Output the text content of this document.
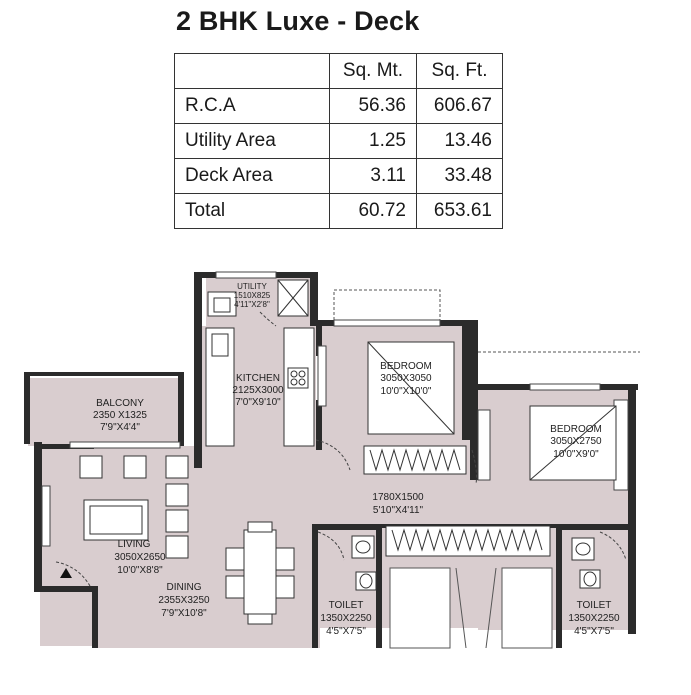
2 BHK Luxe - Deck
	Sq. Mt.	Sq. Ft.
R.C.A	56.36	606.67
Utility Area	1.25	13.46
Deck Area	3.11	33.48
Total	60.72	653.61
UTILITY
1510X825
4'11"X2'8"
KITCHEN
2125X3000
7'0"X9'10"
BEDROOM
3050X3050
10'0"X10'0"
BALCONY
2350 X1325
7'9"X4'4"	BEDROOM
3050X2750
10'0"X9'0"
1780X1500
5'10"X4'11"
LIVING
3050X2650
10'0"X8'8"
DINING
2355X3250
7'9"X10'8"
TOILET
1350X2250
4'5"X7'5"
TOILET
1350X2250
4'5"X7'5"
